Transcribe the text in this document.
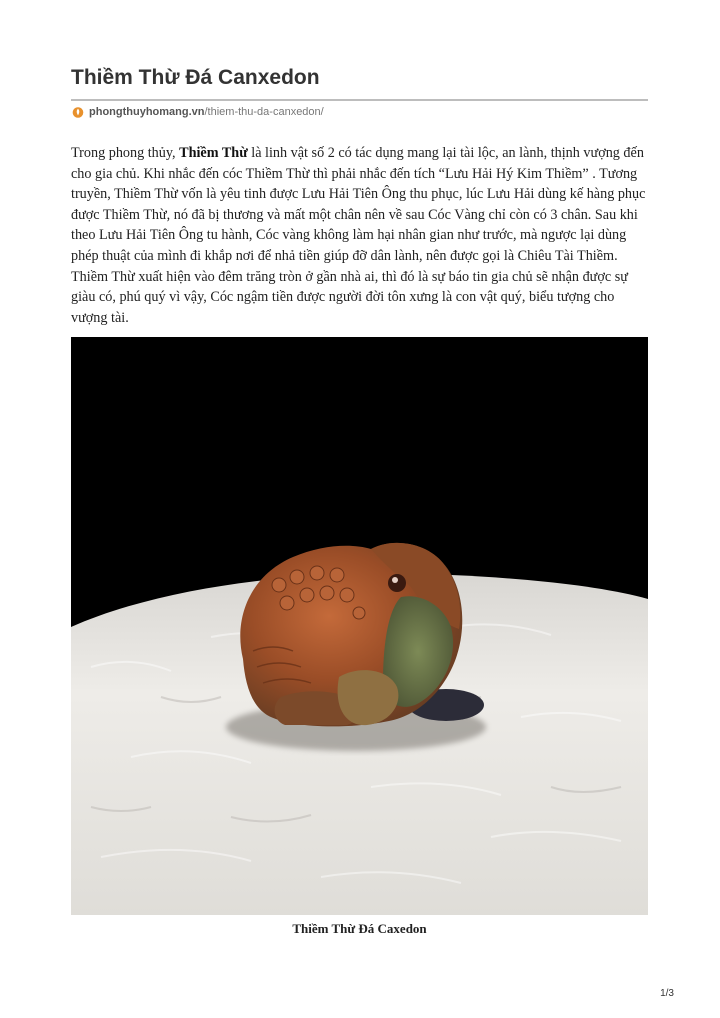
Thiềm Thừ Đá Canxedon
phongthuyhomang.vn /thiem-thu-da-canxedon/

Trong phong thủy, Thiềm Thừ là linh vật số 2 có tác dụng mang lại tài lộc, an lành, thịnh vượng đến cho gia chủ. Khi nhắc đến cóc Thiềm Thừ thì phải nhắc đến tích “Lưu Hải Hý Kim Thiềm” . Tương truyền, Thiềm Thừ vốn là yêu tinh được Lưu Hải Tiên Ông thu phục, lúc Lưu Hải dùng kế hàng phục được Thiềm Thừ, nó đã bị thương và mất một chân nên về sau Cóc Vàng chỉ còn có 3 chân. Sau khi theo Lưu Hải Tiên Ông tu hành, Cóc vàng không làm hại nhân gian như trước, mà ngược lại dùng phép thuật của mình đi khắp nơi để nhả tiền giúp đỡ dân lành, nên được gọi là Chiêu Tài Thiềm. Thiềm Thừ xuất hiện vào đêm trăng tròn ở gần nhà ai, thì đó là sự báo tin gia chủ sẽ nhận được sự giàu có, phú quý vì vậy, Cóc ngậm tiền được người đời tôn xưng là con vật quý, biểu tượng cho vượng tài.

Thiềm Thừ Đá Caxedon
1/3
